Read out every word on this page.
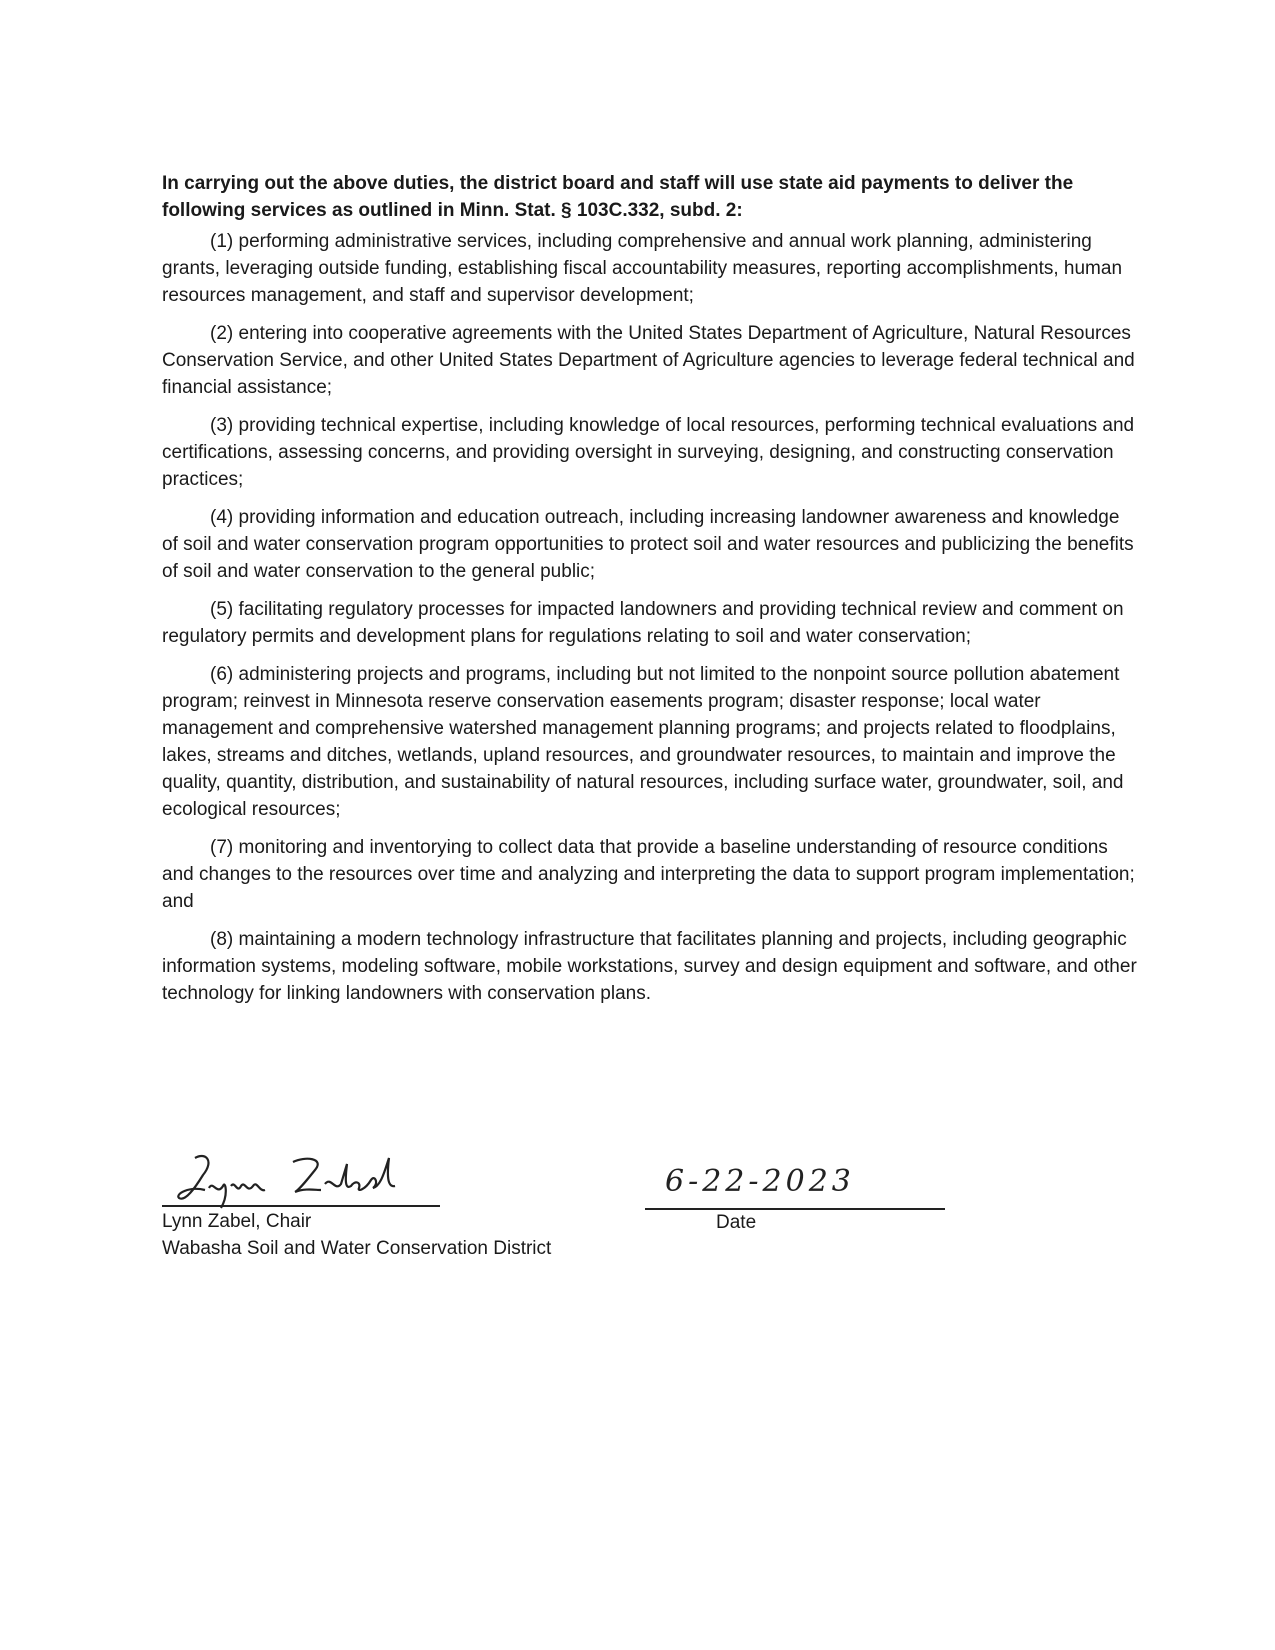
In carrying out the above duties, the district board and staff will use state aid payments to deliver the following services as outlined in Minn. Stat. § 103C.332, subd. 2:

(1) performing administrative services, including comprehensive and annual work planning, administering grants, leveraging outside funding, establishing fiscal accountability measures, reporting accomplishments, human resources management, and staff and supervisor development;

(2) entering into cooperative agreements with the United States Department of Agriculture, Natural Resources Conservation Service, and other United States Department of Agriculture agencies to leverage federal technical and financial assistance;

(3) providing technical expertise, including knowledge of local resources, performing technical evaluations and certifications, assessing concerns, and providing oversight in surveying, designing, and constructing conservation practices;

(4) providing information and education outreach, including increasing landowner awareness and knowledge of soil and water conservation program opportunities to protect soil and water resources and publicizing the benefits of soil and water conservation to the general public;

(5) facilitating regulatory processes for impacted landowners and providing technical review and comment on regulatory permits and development plans for regulations relating to soil and water conservation;

(6) administering projects and programs, including but not limited to the nonpoint source pollution abatement program; reinvest in Minnesota reserve conservation easements program; disaster response; local water management and comprehensive watershed management planning programs; and projects related to floodplains, lakes, streams and ditches, wetlands, upland resources, and groundwater resources, to maintain and improve the quality, quantity, distribution, and sustainability of natural resources, including surface water, groundwater, soil, and ecological resources;

(7) monitoring and inventorying to collect data that provide a baseline understanding of resource conditions and changes to the resources over time and analyzing and interpreting the data to support program implementation; and

(8) maintaining a modern technology infrastructure that facilitates planning and projects, including geographic information systems, modeling software, mobile workstations, survey and design equipment and software, and other technology for linking landowners with conservation plans.

Lynn Zabel, Chair
Wabasha Soil and Water Conservation District
6-22-2023
Date
